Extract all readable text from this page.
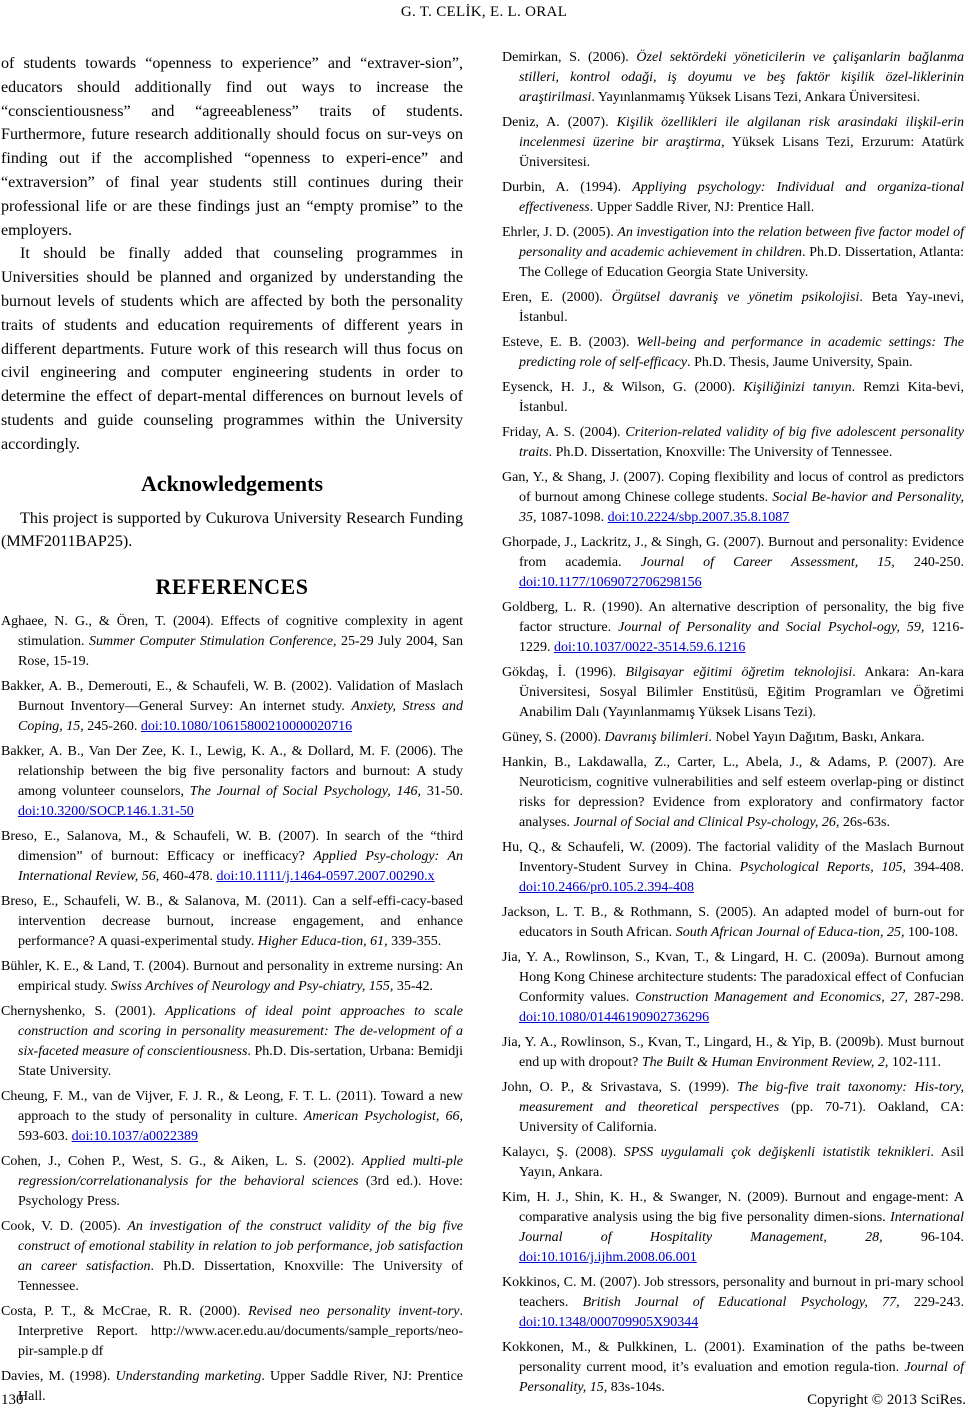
G. T. CELİK, E. L. ORAL

of students towards “openness to experience” and “extraver-sion”, educators should additionally find out ways to increase the “conscientiousness” and “agreeableness” traits of students. Furthermore, future research additionally should focus on sur-veys on finding out if the accomplished “openness to experi-ence” and “extraversion” of final year students still continues during their professional life or are these findings just an “empty promise” to the employers.

It should be finally added that counseling programmes in Universities should be planned and organized by understanding the burnout levels of students which are affected by both the personality traits of students and education requirements of different years in different departments. Future work of this research will thus focus on civil engineering and computer engineering students in order to determine the effect of depart-mental differences on burnout levels of students and guide counseling programmes within the University accordingly.

Acknowledgements

This project is supported by Cukurova University Research Funding (MMF2011BAP25).

REFERENCES

Aghaee, N. G., & Ören, T. (2004). Effects of cognitive complexity in agent stimulation. Summer Computer Stimulation Conference, 25-29 July 2004, San Rose, 15-19.

Bakker, A. B., Demerouti, E., & Schaufeli, W. B. (2002). Validation of Maslach Burnout Inventory—General Survey: An internet study. Anxiety, Stress and Coping, 15, 245-260. doi:10.1080/10615800210000020716

Bakker, A. B., Van Der Zee, K. I., Lewig, K. A., & Dollard, M. F. (2006). The relationship between the big five personality factors and burnout: A study among volunteer counselors, The Journal of Social Psychology, 146, 31-50. doi:10.3200/SOCP.146.1.31-50

Breso, E., Salanova, M., & Schaufeli, W. B. (2007). In search of the “third dimension” of burnout: Efficacy or inefficacy? Applied Psy-chology: An International Review, 56, 460-478. doi:10.1111/j.1464-0597.2007.00290.x

Breso, E., Schaufeli, W. B., & Salanova, M. (2011). Can a self-effi-cacy-based intervention decrease burnout, increase engagement, and enhance performance? A quasi-experimental study. Higher Educa-tion, 61, 339-355.

Bühler, K. E., & Land, T. (2004). Burnout and personality in extreme nursing: An empirical study. Swiss Archives of Neurology and Psy-chiatry, 155, 35-42.

Chernyshenko, S. (2001). Applications of ideal point approaches to scale construction and scoring in personality measurement: The de-velopment of a six-faceted measure of conscientiousness. Ph.D. Dis-sertation, Urbana: Bemidji State University.

Cheung, F. M., van de Vijver, F. J. R., & Leong, F. T. L. (2011). Toward a new approach to the study of personality in culture. American Psychologist, 66, 593-603. doi:10.1037/a0022389

Cohen, J., Cohen P., West, S. G., & Aiken, L. S. (2002). Applied multi-ple regression/correlationanalysis for the behavioral sciences (3rd ed.). Hove: Psychology Press.

Cook, V. D. (2005). An investigation of the construct validity of the big five construct of emotional stability in relation to job performance, job satisfaction an career satisfaction. Ph.D. Dissertation, Knoxville: The University of Tennessee.

Costa, P. T., & McCrae, R. R. (2000). Revised neo personality invent-tory. Interpretive Report. http://www.acer.edu.au/documents/sample_reports/neo-pir-sample.p df

Davies, M. (1998). Understanding marketing. Upper Saddle River, NJ: Prentice Hall.

Demirkan, S. (2006). Özel sektördeki yöneticilerin ve çalişanlarin bağlanma stilleri, kontrol odaği, iş doyumu ve beş faktör kişilik özel-liklerinin araştirilmasi. Yayınlanmamış Yüksek Lisans Tezi, Ankara Üniversitesi.

Deniz, A. (2007). Kişilik özellikleri ile algilanan risk arasindaki ilişkil-erin incelenmesi üzerine bir araştirma, Yüksek Lisans Tezi, Erzurum: Atatürk Üniversitesi.

Durbin, A. (1994). Appliying psychology: Individual and organiza-tional effectiveness. Upper Saddle River, NJ: Prentice Hall.

Ehrler, J. D. (2005). An investigation into the relation between five factor model of personality and academic achievement in children. Ph.D. Dissertation, Atlanta: The College of Education Georgia State University.

Eren, E. (2000). Örgütsel davraniş ve yönetim psikolojisi. Beta Yay-ınevi, İstanbul.

Esteve, E. B. (2003). Well-being and performance in academic settings: The predicting role of self-efficacy. Ph.D. Thesis, Jaume University, Spain.

Eysenck, H. J., & Wilson, G. (2000). Kişiliğinizi tanıyın. Remzi Kita-bevi, İstanbul.

Friday, A. S. (2004). Criterion-related validity of big five adolescent personality traits. Ph.D. Dissertation, Knoxville: The University of Tennessee.

Gan, Y., & Shang, J. (2007). Coping flexibility and locus of control as predictors of burnout among Chinese college students. Social Be-havior and Personality, 35, 1087-1098. doi:10.2224/sbp.2007.35.8.1087

Ghorpade, J., Lackritz, J., & Singh, G. (2007). Burnout and personality: Evidence from academia. Journal of Career Assessment, 15, 240-250. doi:10.1177/1069072706298156

Goldberg, L. R. (1990). An alternative description of personality, the big five factor structure. Journal of Personality and Social Psychol-ogy, 59, 1216-1229. doi:10.1037/0022-3514.59.6.1216

Gökdaş, İ. (1996). Bilgisayar eğitimi öğretim teknolojisi. Ankara: An-kara Üniversitesi, Sosyal Bilimler Enstitüsü, Eğitim Programları ve Öğretimi Anabilim Dalı (Yayınlanmamış Yüksek Lisans Tezi).

Güney, S. (2000). Davranış bilimleri. Nobel Yayın Dağıtım, Baskı, Ankara.

Hankin, B., Lakdawalla, Z., Carter, L., Abela, J., & Adams, P. (2007). Are Neuroticism, cognitive vulnerabilities and self esteem overlap-ping or distinct risks for depression? Evidence from exploratory and confirmatory factor analyses. Journal of Social and Clinical Psy-chology, 26, 26s-63s.

Hu, Q., & Schaufeli, W. (2009). The factorial validity of the Maslach Burnout Inventory-Student Survey in China. Psychological Reports, 105, 394-408. doi:10.2466/pr0.105.2.394-408

Jackson, L. T. B., & Rothmann, S. (2005). An adapted model of burn-out for educators in South African. South African Journal of Educa-tion, 25, 100-108.

Jia, Y. A., Rowlinson, S., Kvan, T., & Lingard, H. C. (2009a). Burnout among Hong Kong Chinese architecture students: The paradoxical effect of Confucian Conformity values. Construction Management and Economics, 27, 287-298. doi:10.1080/01446190902736296

Jia, Y. A., Rowlinson, S., Kvan, T., Lingard, H., & Yip, B. (2009b). Must burnout end up with dropout? The Built & Human Environment Review, 2, 102-111.

John, O. P., & Srivastava, S. (1999). The big-five trait taxonomy: His-tory, measurement and theoretical perspectives (pp. 70-71). Oakland, CA: University of California.

Kalaycı, Ş. (2008). SPSS uygulamali çok değişkenli istatistik teknikleri. Asil Yayın, Ankara.

Kim, H. J., Shin, K. H., & Swanger, N. (2009). Burnout and engage-ment: A comparative analysis using the big five personality dimen-sions. International Journal of Hospitality Management, 28, 96-104. doi:10.1016/j.ijhm.2008.06.001

Kokkinos, C. M. (2007). Job stressors, personality and burnout in pri-mary school teachers. British Journal of Educational Psychology, 77, 229-243. doi:10.1348/000709905X90344

Kokkonen, M., & Pulkkinen, L. (2001). Examination of the paths be-tween personality current mood, it’s evaluation and emotion regula-tion. Journal of Personality, 15, 83s-104s.

130	Copyright © 2013 SciRes.
